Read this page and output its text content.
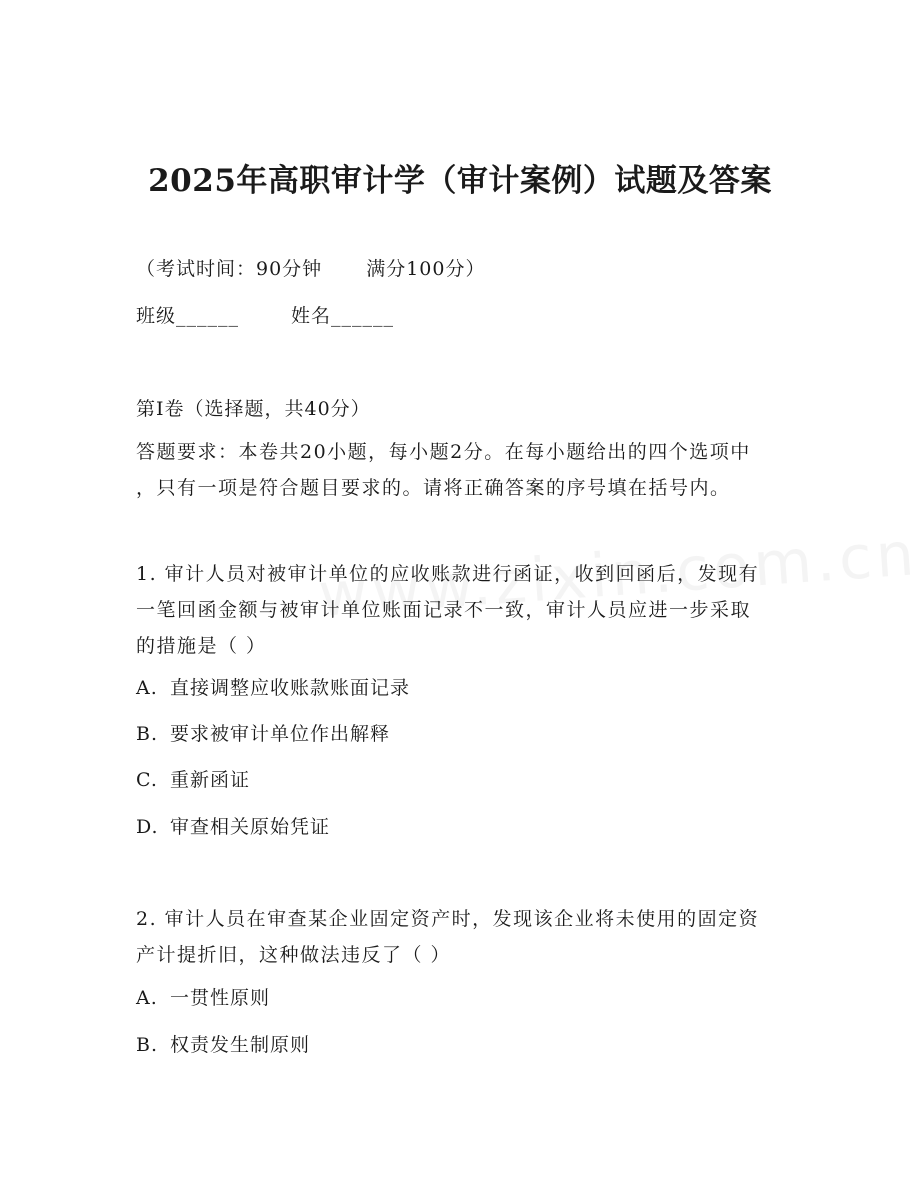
2025年高职审计学（审计案例）试题及答案
（考试时间：90分钟 满分100分）
班级______	姓名______
第Ⅰ卷（选择题，共40分）
答题要求：本卷共20小题，每小题2分。在每小题给出的四个选项中
，只有一项是符合题目要求的。请将正确答案的序号填在括号内。
1. 审计人员对被审计单位的应收账款进行函证，收到回函后，发现有
一笔回函金额与被审计单位账面记录不一致，审计人员应进一步采取
的措施是（ ）
A. 直接调整应收账款账面记录
B. 要求被审计单位作出解释
C. 重新函证
D. 审查相关原始凭证
2. 审计人员在审查某企业固定资产时，发现该企业将未使用的固定资
产计提折旧，这种做法违反了（ ）
A. 一贯性原则
B. 权责发生制原则
